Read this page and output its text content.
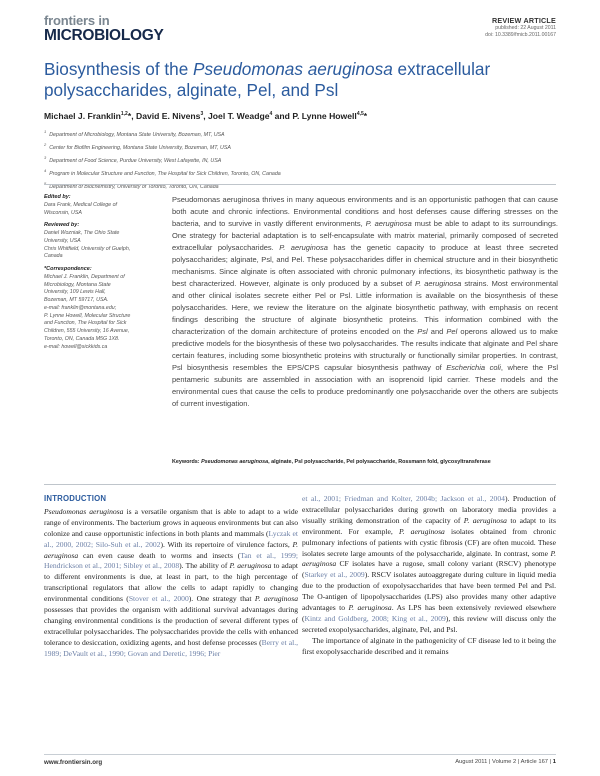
frontiers in
MICROBIOLOGY
REVIEW ARTICLE
published: 22 August 2011
doi: 10.3389/fmicb.2011.00167
Biosynthesis of the Pseudomonas aeruginosa extracellular polysaccharides, alginate, Pel, and Psl
Michael J. Franklin$^{1,2}$*, David E. Nivens$^3$, Joel T. Weadge$^4$ and P. Lynne Howell$^{4,5}$*
$^1$Department of Microbiology, Montana State University, Bozeman, MT, USA
$^2$Center for Biofilm Engineering, Montana State University, Bozeman, MT, USA
$^3$Department of Food Science, Purdue University, West Lafayette, IN, USA
$^4$Program in Molecular Structure and Function, The Hospital for Sick Children, Toronto, ON, Canada
$^5$Department of Biochemistry, University of Toronto, Toronto, ON, Canada
Edited by:
Dara Frank, Medical College of
Wisconsin, USA
Reviewed by:
Daniel Wozniak, The Ohio State
University, USA
Chris Whitfield, University of Guelph,
Canada
*Correspondence:
Michael J. Franklin, Department of
Microbiology, Montana State
University, 109 Lewis Hall,
Bozeman, MT 59717, USA.
e-mail: franklin@montana.edu;
P. Lynne Howell, Molecular Structure
and Function, The Hospital for Sick
Children, 555 University, 16 Avenue,
Toronto, ON, Canada M5G 1X8.
e-mail: howell@sickkids.ca
Pseudomonas aeruginosa thrives in many aqueous environments and is an opportunistic pathogen that can cause both acute and chronic infections. Environmental conditions and host defenses cause differing stresses on the bacteria, and to survive in vastly different environments, P. aeruginosa must be able to adapt to its surroundings. One strategy for bacterial adaptation is to self-encapsulate with matrix material, primarily composed of secreted extracellular polysaccharides. P. aeruginosa has the genetic capacity to produce at least three secreted polysaccharides; alginate, Psl, and Pel. These polysaccharides differ in chemical structure and in their biosynthetic mechanisms. Since alginate is often associated with chronic pulmonary infections, its biosynthetic pathway is the best characterized. However, alginate is only produced by a subset of P. aeruginosa strains. Most environmental and other clinical isolates secrete either Pel or Psl. Little information is available on the biosynthesis of these polysaccharides. Here, we review the literature on the alginate biosynthetic pathway, with emphasis on recent findings describing the structure of alginate biosynthetic proteins. This information combined with the characterization of the domain architecture of proteins encoded on the Psl and Pel operons allowed us to make predictive models for the biosynthesis of these two polysaccharides. The results indicate that alginate and Pel share certain features, including some biosynthetic proteins with structurally or functionally similar properties. In contrast, Psl biosynthesis resembles the EPS/CPS capsular biosynthesis pathway of Escherichia coli, where the Psl pentameric subunits are assembled in association with an isoprenoid lipid carrier. These models and the environmental cues that cause the cells to produce predominantly one polysaccharide over the others are subjects of current investigation.
Keywords: Pseudomonas aeruginosa, alginate, Psl polysaccharide, Pel polysaccharide, Rossmann fold, glycosyltransferase
INTRODUCTION
Pseudomonas aeruginosa is a versatile organism that is able to adapt to a wide range of environments. The bacterium grows in aqueous environments but can also colonize and cause opportunistic infections in both plants and mammals (Lyczak et al., 2000, 2002; Silo-Suh et al., 2002). With its repertoire of virulence factors, P. aeruginosa can even cause death to worms and insects (Tan et al., 1999; Hendrickson et al., 2001; Sibley et al., 2008). The ability of P. aeruginosa to adapt to different environments is due, at least in part, to the high percentage of transcriptional regulators that allow the cells to adapt rapidly to changing environmental conditions (Stover et al., 2000). One strategy that P. aeruginosa possesses that provides the organism with additional survival advantages during changing environmental conditions is the production of several different types of extracellular polysaccharides. The polysaccharides provide the cells with enhanced tolerance to desiccation, oxidizing agents, and host defense processes (Berry et al., 1989; DeVault et al., 1990; Govan and Deretic, 1996; Pier
et al., 2001; Friedman and Kolter, 2004b; Jackson et al., 2004). Production of extracellular polysaccharides during growth on laboratory media provides a visually striking demonstration of the capacity of P. aeruginosa to adapt to its environment. For example, P. aeruginosa isolates obtained from chronic pulmonary infections of patients with cystic fibrosis (CF) are often mucoid. These isolates secrete large amounts of the polysaccharide, alginate. In contrast, some P. aeruginosa CF isolates have a rugose, small colony variant (RSCV) phenotype (Starkey et al., 2009). RSCV isolates autoaggregate during culture in liquid media due to the production of exopolysaccharides that have been termed Pel and Psl. The O-antigen of lipopolysaccharides (LPS) also provides many other adaptive advantages to P. aeruginosa. As LPS has been extensively reviewed elsewhere (Kintz and Goldberg, 2008; King et al., 2009), this review will discuss only the secreted exopolysaccharides, alginate, Pel, and Psl.
The importance of alginate in the pathogenicity of CF disease led to it being the first exopolysaccharide described and it remains
www.frontiersin.org	August 2011 | Volume 2 | Article 167 | 1
